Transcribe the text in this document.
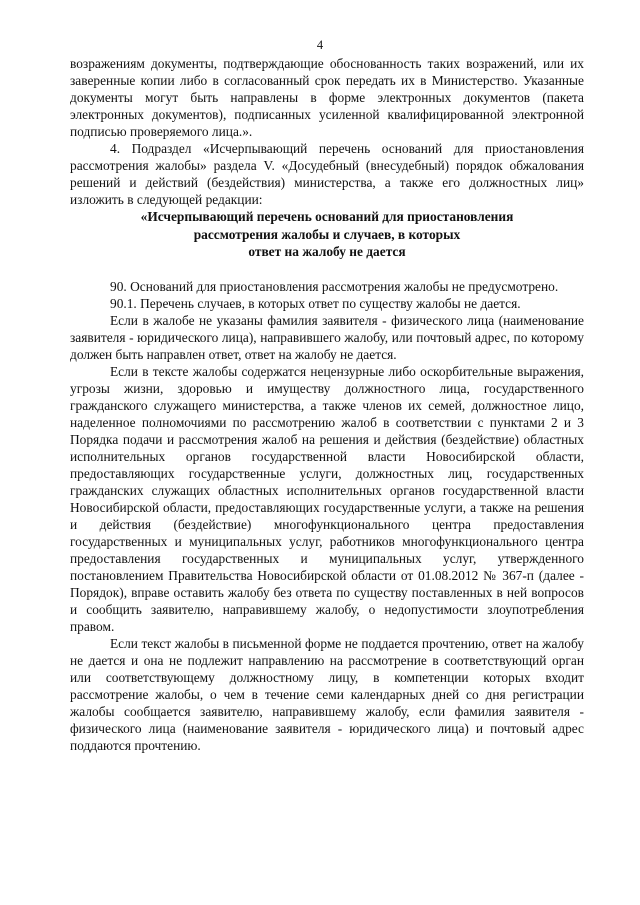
4

возражениям документы, подтверждающие обоснованность таких возражений, или их заверенные копии либо в согласованный срок передать их в Министерство. Указанные документы могут быть направлены в форме электронных документов (пакета электронных документов), подписанных усиленной квалифицированной электронной подписью проверяемого лица.».

4. Подраздел «Исчерпывающий перечень оснований для приостановления рассмотрения жалобы» раздела V. «Досудебный (внесудебный) порядок обжалования решений и действий (бездействия) министерства, а также его должностных лиц» изложить в следующей редакции:

«Исчерпывающий перечень оснований для приостановления
рассмотрения жалобы и случаев, в которых
ответ на жалобу не дается

90. Оснований для приостановления рассмотрения жалобы не предусмотрено.

90.1. Перечень случаев, в которых ответ по существу жалобы не дается.

Если в жалобе не указаны фамилия заявителя - физического лица (наименование заявителя - юридического лица), направившего жалобу, или почтовый адрес, по которому должен быть направлен ответ, ответ на жалобу не дается.

Если в тексте жалобы содержатся нецензурные либо оскорбительные выражения, угрозы жизни, здоровью и имуществу должностного лица, государственного гражданского служащего министерства, а также членов их семей, должностное лицо, наделенное полномочиями по рассмотрению жалоб в соответствии с пунктами 2 и 3 Порядка подачи и рассмотрения жалоб на решения и действия (бездействие) областных исполнительных органов государственной власти Новосибирской области, предоставляющих государственные услуги, должностных лиц, государственных гражданских служащих областных исполнительных органов государственной власти Новосибирской области, предоставляющих государственные услуги, а также на решения и действия (бездействие) многофункционального центра предоставления государственных и муниципальных услуг, работников многофункционального центра предоставления государственных и муниципальных услуг, утвержденного постановлением Правительства Новосибирской области от 01.08.2012 № 367-п (далее - Порядок), вправе оставить жалобу без ответа по существу поставленных в ней вопросов и сообщить заявителю, направившему жалобу, о недопустимости злоупотребления правом.

Если текст жалобы в письменной форме не поддается прочтению, ответ на жалобу не дается и она не подлежит направлению на рассмотрение в соответствующий орган или соответствующему должностному лицу, в компетенции которых входит рассмотрение жалобы, о чем в течение семи календарных дней со дня регистрации жалобы сообщается заявителю, направившему жалобу, если фамилия заявителя - физического лица (наименование заявителя - юридического лица) и почтовый адрес поддаются прочтению.
